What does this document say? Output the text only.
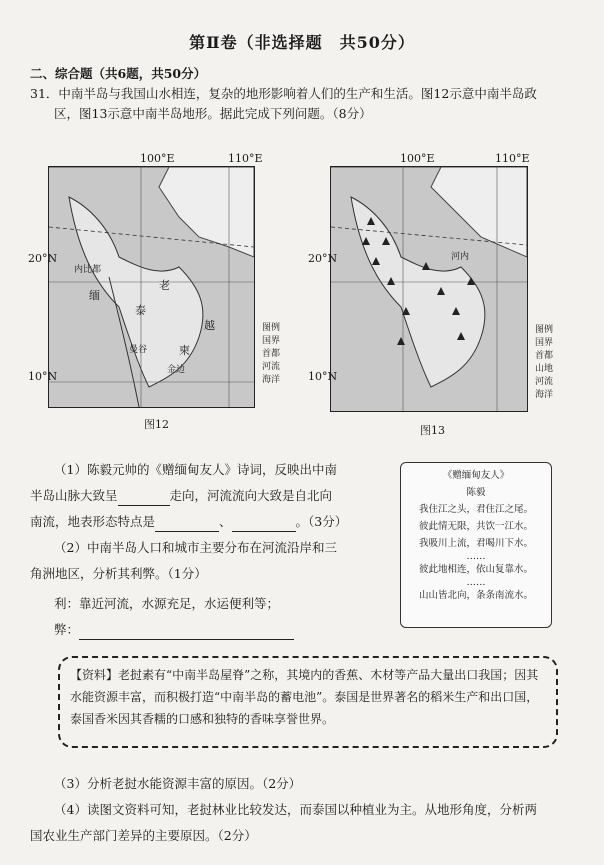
第Ⅱ卷（非选择题　共50分）
二、综合题（共6题，共50分）
31．中南半岛与我国山水相连，复杂的地形影响着人们的生产和生活。图12示意中南半岛政
区，图13示意中南半岛地形。据此完成下列问题。（8分）
100°E	110°E
泰
缅
老
柬
越
内比都
曼谷
金边
20°N
10°N
图例
国界
首都
河流
海洋
图12
100°E	110°E
河内
20°N
10°N
图例
国界
首都
山地
河流
海洋
图13
（1）陈毅元帅的《赠缅甸友人》诗词，反映出中南
半岛山脉大致呈	走向，河流流向大致是自北向
南流，地表形态特点是	、	。（3分）
（2）中南半岛人口和城市主要分布在河流沿岸和三
角洲地区，分析其利弊。（1分）
利：靠近河流，水源充足，水运便利等；
弊：
《赠缅甸友人》
陈毅
我住江之头，君住江之尾。
彼此情无限，共饮一江水。
我吸川上流，君喝川下水。
……
彼此地相连，依山复靠水。
……
山山皆北向，条条南流水。
【资料】老挝素有“中南半岛屋脊”之称，其境内的香蕉、木材等产品大量出口我国；因其水能资源丰富，而积极打造“中南半岛的蓄电池”。泰国是世界著名的稻米生产和出口国，泰国香米因其香糯的口感和独特的香味享誉世界。
（3）分析老挝水能资源丰富的原因。（2分）
（4）读图文资料可知，老挝林业比较发达，而泰国以种植业为主。从地形角度，分析两
国农业生产部门差异的主要原因。（2分）
